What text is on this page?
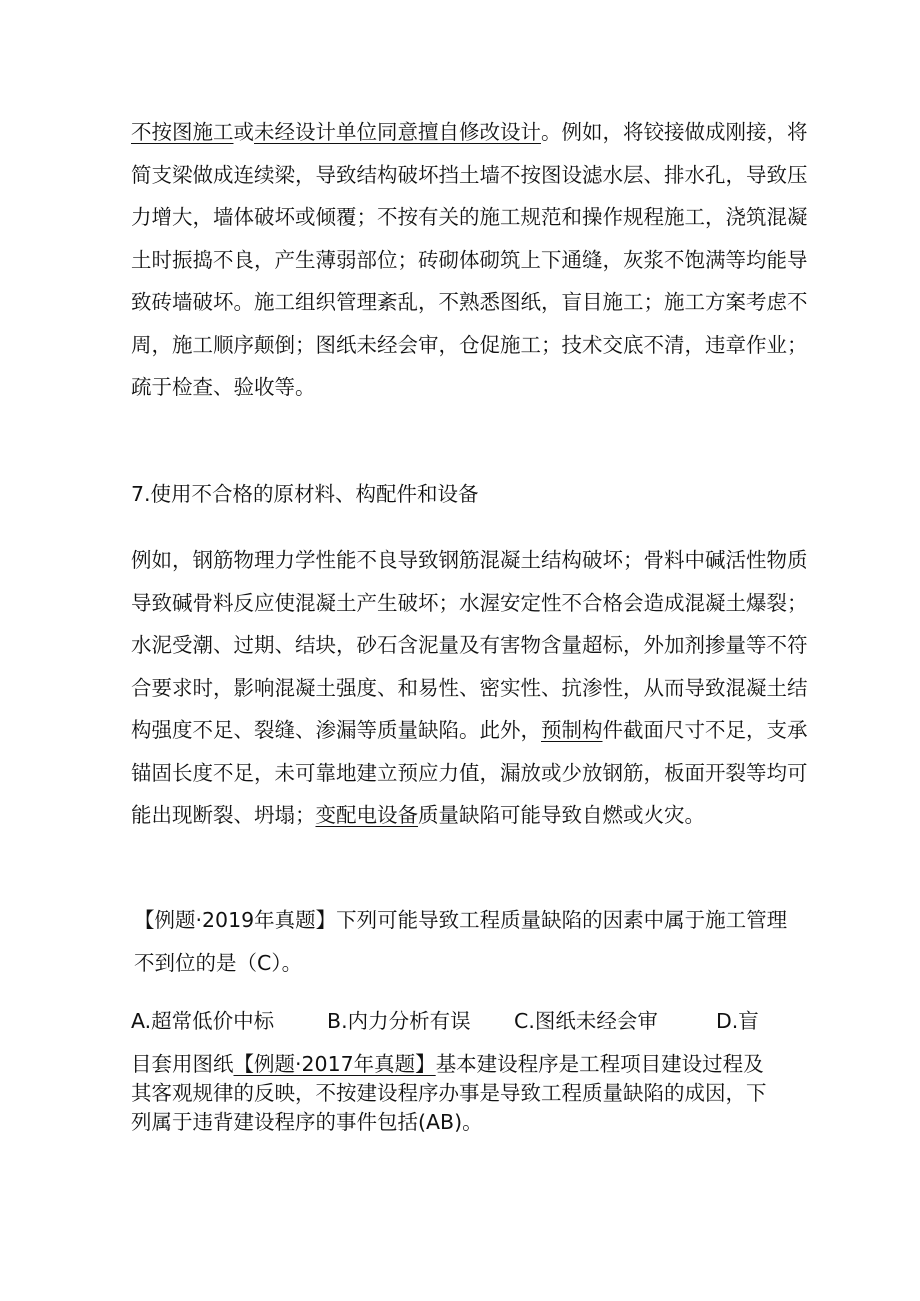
不按图施工或未经设计单位同意擅自修改设计。例如，将铰接做成刚接，将简支梁做成连续梁，导致结构破坏挡土墙不按图设滤水层、排水孔，导致压力增大，墙体破坏或倾覆；不按有关的施工规范和操作规程施工，浇筑混凝土时振捣不良，产生薄弱部位；砖砌体砌筑上下通缝，灰浆不饱满等均能导致砖墙破坏。施工组织管理紊乱，不熟悉图纸，盲目施工；施工方案考虑不周，施工顺序颠倒；图纸未经会审，仓促施工；技术交底不清，违章作业；疏于检查、验收等。

7.使用不合格的原材料、构配件和设备

例如，钢筋物理力学性能不良导致钢筋混凝土结构破坏；骨料中碱活性物质导致碱骨料反应使混凝土产生破坏；水渥安定性不合格会造成混凝土爆裂；水泥受潮、过期、结块，砂石含泥量及有害物含量超标，外加剂掺量等不符合要求时，影响混凝土强度、和易性、密实性、抗渗性，从而导致混凝土结构强度不足、裂缝、渗漏等质量缺陷。此外，预制构件截面尺寸不足，支承锚固长度不足，未可靠地建立预应力值，漏放或少放钢筋，板面开裂等均可能出现断裂、坍塌；变配电设备质量缺陷可能导致自燃或火灾。

【例题·2019年真题】下列可能导致工程质量缺陷的因素中属于施工管理不到位的是（C）。

A.超常低价中标	B.内力分析有误 C.图纸未经会审	D.盲

目套用图纸【例题·2017年真题】基本建设程序是工程项目建设过程及其客观规律的反映，不按建设程序办事是导致工程质量缺陷的成因，下列属于违背建设程序的事件包括(AB)。
